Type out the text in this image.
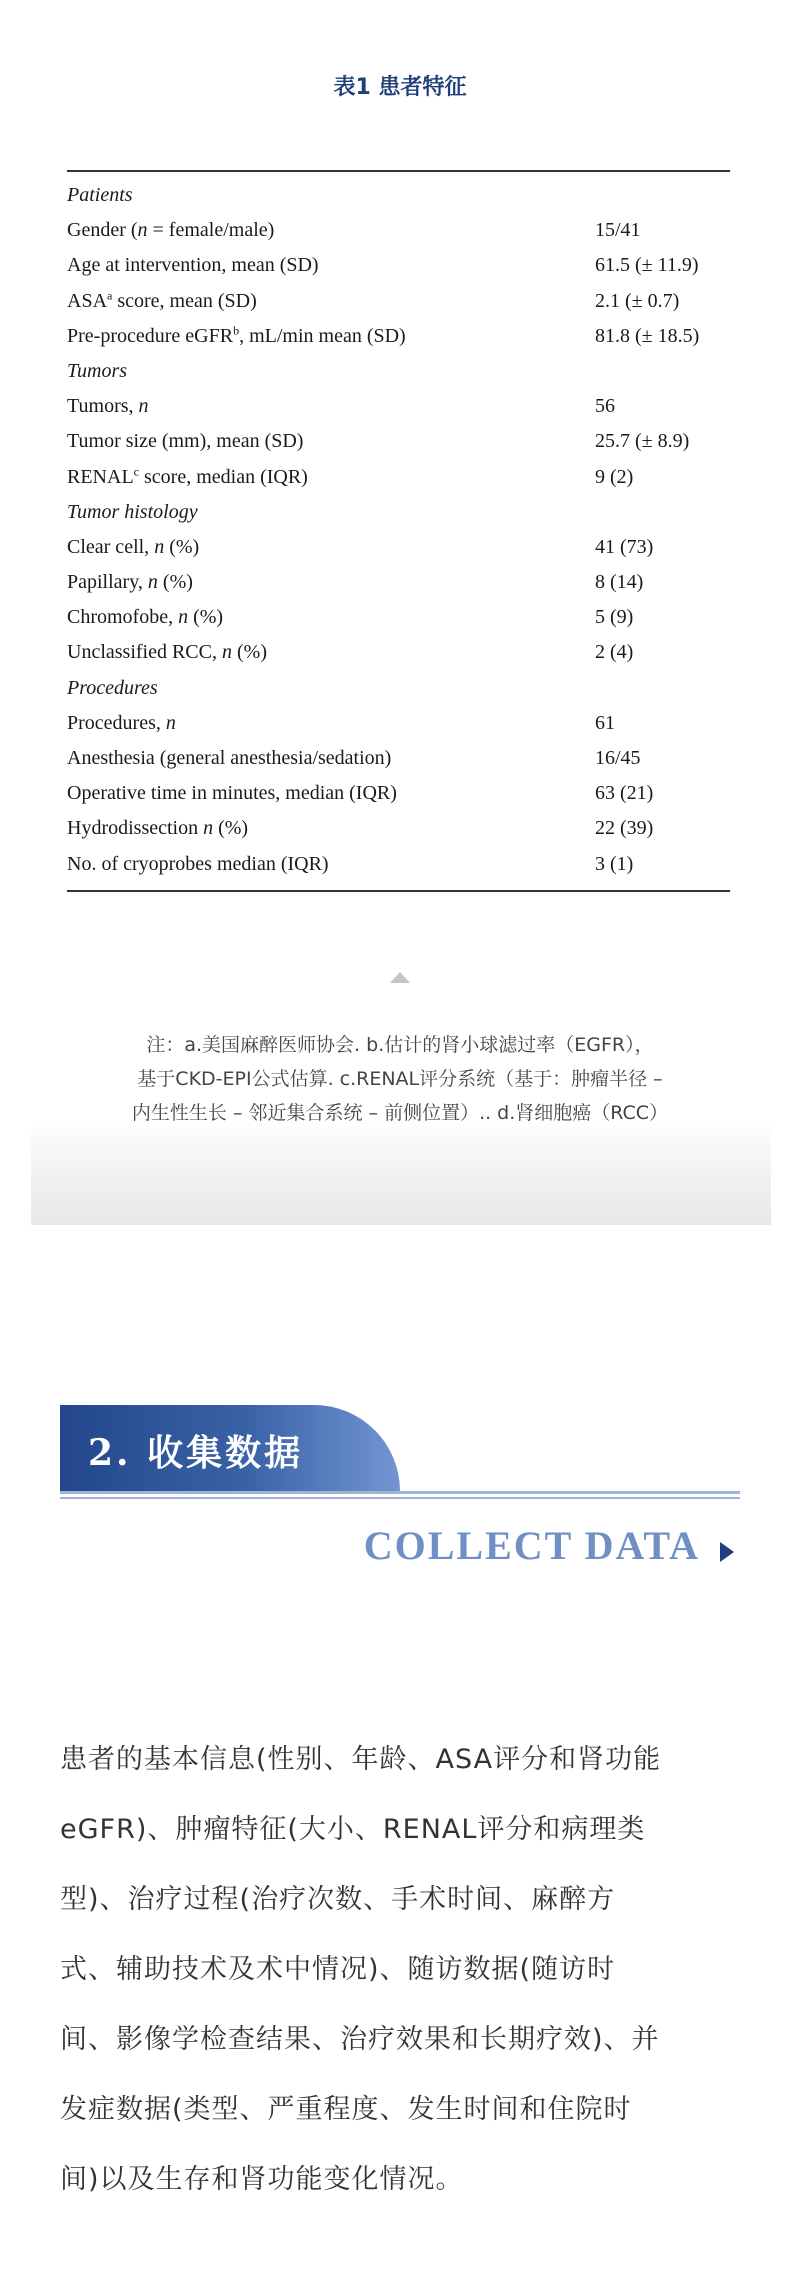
表1 患者特征
Patients
Gender (n = female/male)	15/41
Age at intervention, mean (SD)	61.5 (± 11.9)
ASA$^a$ score, mean (SD)	2.1 (± 0.7)
Pre-procedure eGFR$^b$, mL/min mean (SD)	81.8 (± 18.5)
Tumors
Tumors, n	56
Tumor size (mm), mean (SD)	25.7 (± 8.9)
RENAL$^c$ score, median (IQR)	9 (2)
Tumor histology
Clear cell, n (%)	41 (73)
Papillary, n (%)	8 (14)
Chromofobe, n (%)	5 (9)
Unclassified RCC, n (%)	2 (4)
Procedures
Procedures, n	61
Anesthesia (general anesthesia/sedation)	16/45
Operative time in minutes, median (IQR)	63 (21)
Hydrodissection n (%)	22 (39)
No. of cryoprobes median (IQR)	3 (1)
注：a.美国麻醉医师协会. b.估计的肾小球滤过率（EGFR），
基于CKD-EPI公式估算. c.RENAL评分系统（基于：肿瘤半径 –
内生性生长 – 邻近集合系统 – 前侧位置）.. d.肾细胞癌（RCC）
2. 收集数据
COLLECT DATA
患者的基本信息(性别、年龄、ASA评分和肾功能
eGFR)、肿瘤特征(大小、RENAL评分和病理类
型)、治疗过程(治疗次数、手术时间、麻醉方
式、辅助技术及术中情况)、随访数据(随访时
间、影像学检查结果、治疗效果和长期疗效)、并
发症数据(类型、严重程度、发生时间和住院时
间)以及生存和肾功能变化情况。
